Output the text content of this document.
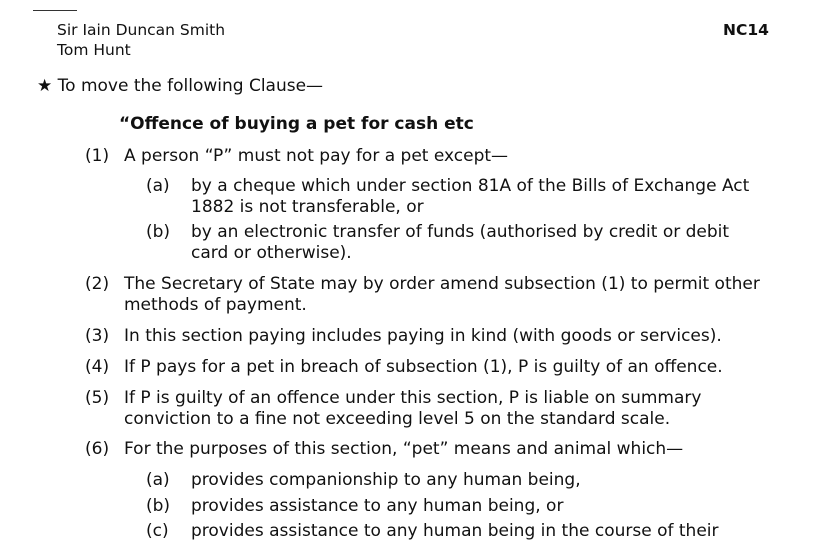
Sir Iain Duncan Smith
Tom Hunt
NC14
★ To move the following Clause—
“Offence of buying a pet for cash etc
(1) A person “P” must not pay for a pet except—
(a) by a cheque which under section 81A of the Bills of Exchange Act
1882 is not transferable, or
(b) by an electronic transfer of funds (authorised by credit or debit
card or otherwise).
(2) The Secretary of State may by order amend subsection (1) to permit other
methods of payment.
(3) In this section paying includes paying in kind (with goods or services).
(4) If P pays for a pet in breach of subsection (1), P is guilty of an offence.
(5) If P is guilty of an offence under this section, P is liable on summary
conviction to a fine not exceeding level 5 on the standard scale.
(6) For the purposes of this section, “pet” means and animal which—
(a) provides companionship to any human being,
(b) provides assistance to any human being, or
(c) provides assistance to any human being in the course of their
